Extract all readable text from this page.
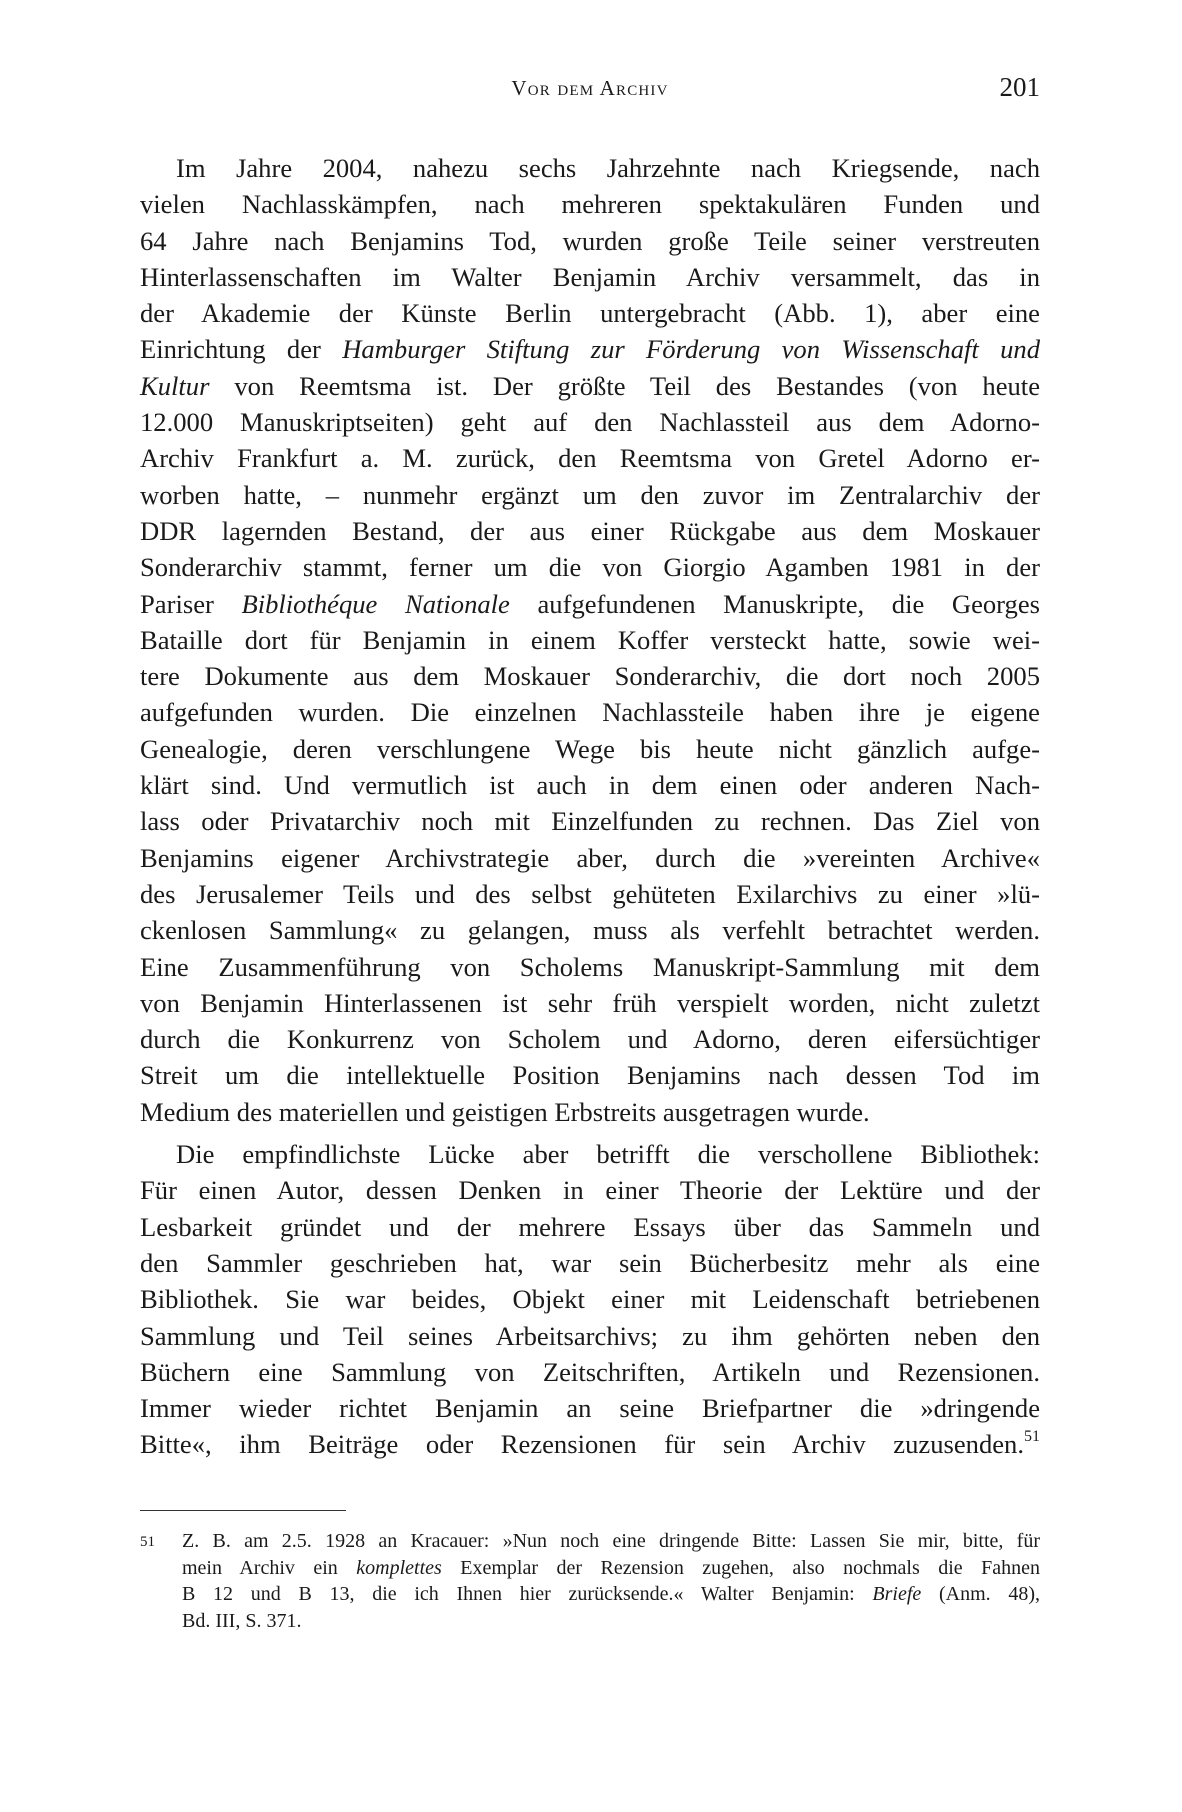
Vor dem Archiv	201

Im Jahre 2004, nahezu sechs Jahrzehnte nach Kriegsende, nach
vielen Nachlasskämpfen, nach mehreren spektakulären Funden und
64 Jahre nach Benjamins Tod, wurden große Teile seiner verstreuten
Hinterlassenschaften im Walter Benjamin Archiv versammelt, das in
der Akademie der Künste Berlin untergebracht (Abb. 1), aber eine
Einrichtung der Hamburger Stiftung zur Förderung von Wissenschaft und
Kultur von Reemtsma ist. Der größte Teil des Bestandes (von heute
12.000 Manuskriptseiten) geht auf den Nachlassteil aus dem Adorno-
Archiv Frankfurt a. M. zurück, den Reemtsma von Gretel Adorno er-
worben hatte, – nunmehr ergänzt um den zuvor im Zentralarchiv der
DDR lagernden Bestand, der aus einer Rückgabe aus dem Moskauer
Sonderarchiv stammt, ferner um die von Giorgio Agamben 1981 in der
Pariser Bibliothéque Nationale aufgefundenen Manuskripte, die Georges
Bataille dort für Benjamin in einem Koffer versteckt hatte, sowie wei-
tere Dokumente aus dem Moskauer Sonderarchiv, die dort noch 2005
aufgefunden wurden. Die einzelnen Nachlassteile haben ihre je eigene
Genealogie, deren verschlungene Wege bis heute nicht gänzlich aufge-
klärt sind. Und vermutlich ist auch in dem einen oder anderen Nach-
lass oder Privatarchiv noch mit Einzelfunden zu rechnen. Das Ziel von
Benjamins eigener Archivstrategie aber, durch die »vereinten Archive«
des Jerusalemer Teils und des selbst gehüteten Exilarchivs zu einer »lü-
ckenlosen Sammlung« zu gelangen, muss als verfehlt betrachtet werden.
Eine Zusammenführung von Scholems Manuskript-Sammlung mit dem
von Benjamin Hinterlassenen ist sehr früh verspielt worden, nicht zuletzt
durch die Konkurrenz von Scholem und Adorno, deren eifersüchtiger
Streit um die intellektuelle Position Benjamins nach dessen Tod im
Medium des materiellen und geistigen Erbstreits ausgetragen wurde.

Die empfindlichste Lücke aber betrifft die verschollene Bibliothek:
Für einen Autor, dessen Denken in einer Theorie der Lektüre und der
Lesbarkeit gründet und der mehrere Essays über das Sammeln und
den Sammler geschrieben hat, war sein Bücherbesitz mehr als eine
Bibliothek. Sie war beides, Objekt einer mit Leidenschaft betriebenen
Sammlung und Teil seines Arbeitsarchivs; zu ihm gehörten neben den
Büchern eine Sammlung von Zeitschriften, Artikeln und Rezensionen.
Immer wieder richtet Benjamin an seine Briefpartner die »dringende
Bitte«, ihm Beiträge oder Rezensionen für sein Archiv zuzusenden.$^{51}$

51 Z. B. am 2.5. 1928 an Kracauer: »Nun noch eine dringende Bitte: Lassen Sie mir, bitte, für
mein Archiv ein komplettes Exemplar der Rezension zugehen, also nochmals die Fahnen
B 12 und B 13, die ich Ihnen hier zurücksende.« Walter Benjamin: Briefe (Anm. 48),
Bd. III, S. 371.
